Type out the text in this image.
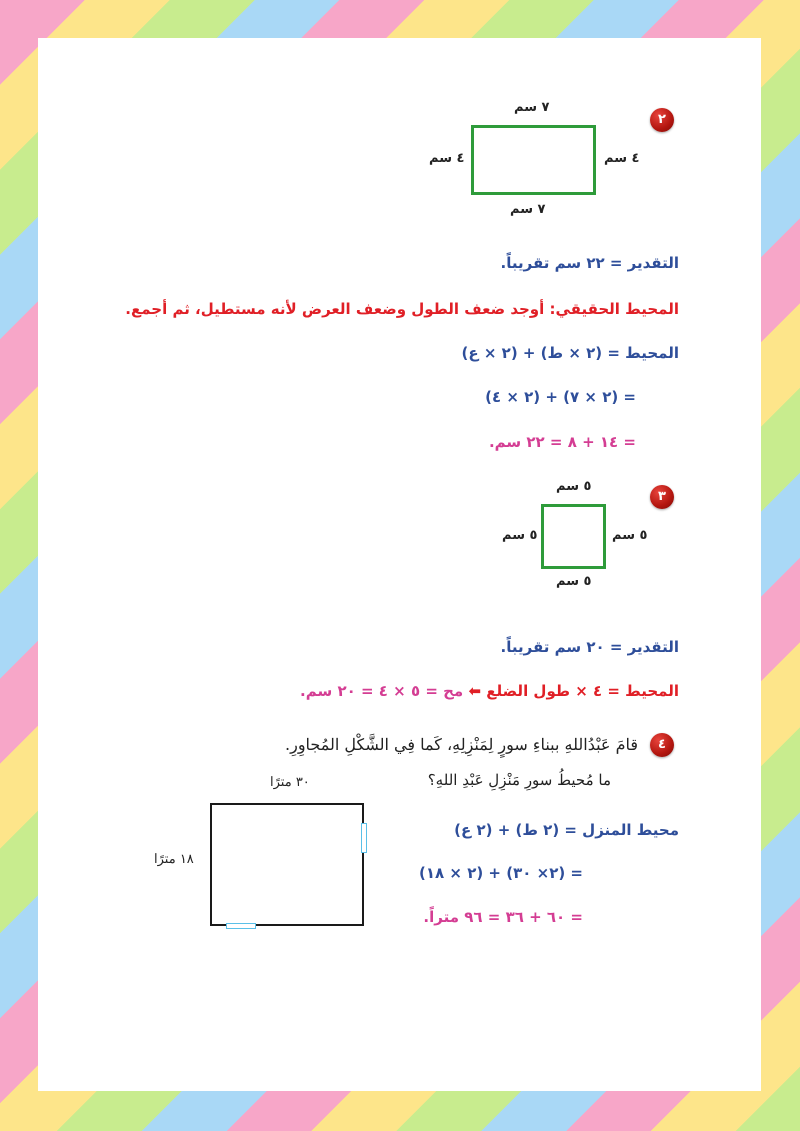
٢
٧ سم
٤ سم	٤ سم
٧ سم
التقدير = ٢٢ سم تقريباً.
المحيط الحقيقي: أوجد ضعف الطول وضعف العرض لأنه مستطيل، ثم أجمع.
المحيط = (٢ × ط) + (٢ × ع)
= (٢ × ٧) + (٢ × ٤)
= ١٤ + ٨ = ٢٢ سم.
٣
٥ سم
٥ سم	٥ سم
٥ سم
التقدير = ٢٠ سم تقريباً.
المحيط = ٤ × طول الضلع ⬅ مح = ٥ × ٤ = ٢٠ سم.
٤
قامَ عَبْدُاللهِ ببناءِ سورٍ لِمَنْزِلِهِ، كَما فِي الشَّكْلِ المُجاوِرِ.
ما مُحيطُ سورِ مَنْزِلِ عَبْدِ اللهِ؟
٣٠ مترًا
١٨ مترًا
محيط المنزل = (٢ ط) + (٢ ع)
= (٢× ٣٠) + (٢ × ١٨)
= ٦٠ + ٣٦ = ٩٦ متراً.
